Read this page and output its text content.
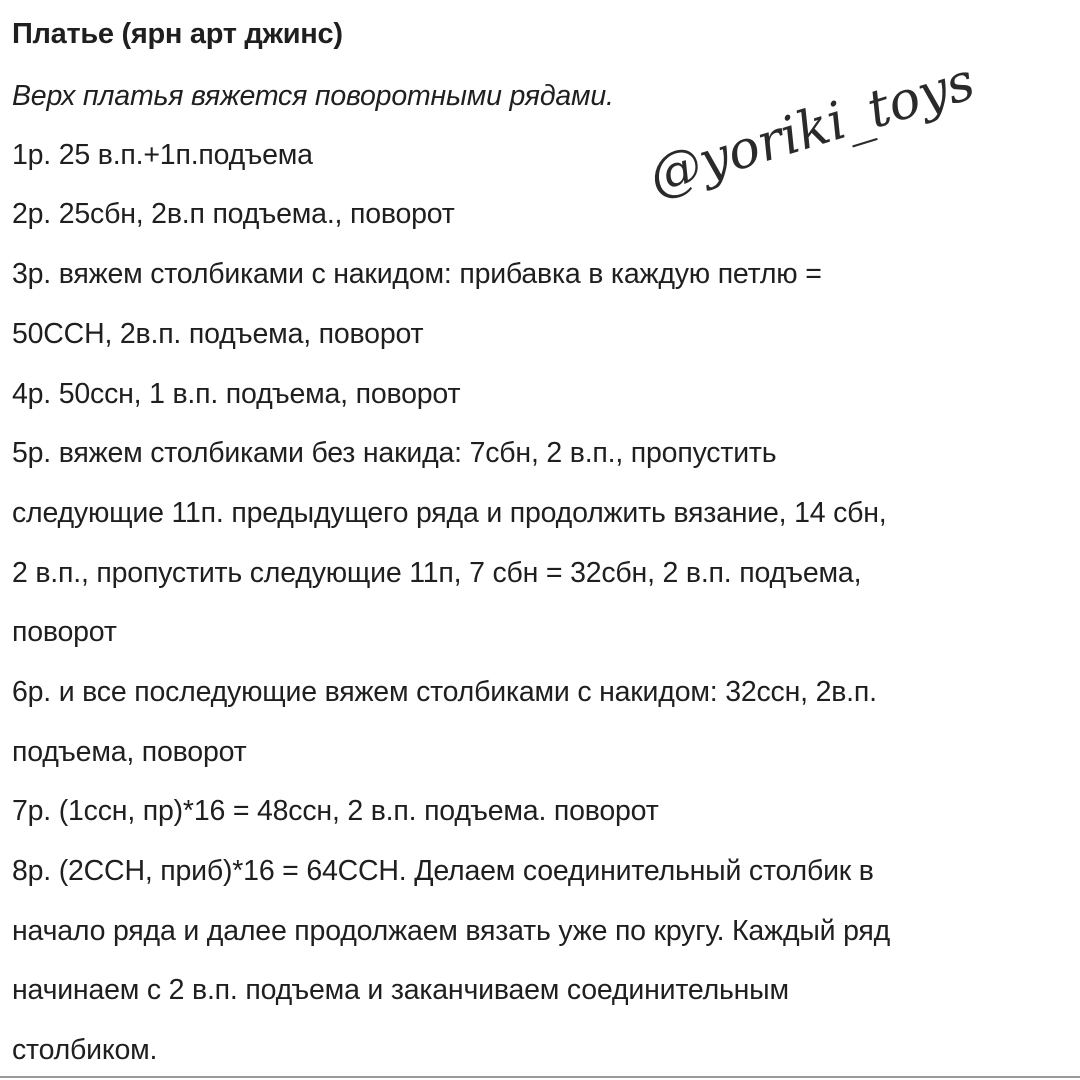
Платье (ярн арт джинс)
Верх платья вяжется поворотными рядами. @yoriki_toys
1р. 25 в.п.+1п.подъема
2р. 25сбн, 2в.п подъема., поворот
3р. вяжем столбиками с накидом: прибавка в каждую петлю =
50ССН, 2в.п. подъема, поворот
4р. 50ссн, 1 в.п. подъема, поворот
5р. вяжем столбиками без накида: 7сбн, 2 в.п., пропустить
следующие 11п. предыдущего ряда и продолжить вязание, 14 сбн,
2 в.п., пропустить следующие 11п, 7 сбн = 32сбн, 2 в.п. подъема,
поворот
6р. и все последующие вяжем столбиками с накидом: 32ссн, 2в.п.
подъема, поворот
7р. (1ссн, пр)*16 = 48ссн, 2 в.п. подъема. поворот
8р. (2ССН, приб)*16 = 64ССН. Делаем соединительный столбик в
начало ряда и далее продолжаем вязать уже по кругу. Каждый ряд
начинаем с 2 в.п. подъема и заканчиваем соединительным
столбиком.
